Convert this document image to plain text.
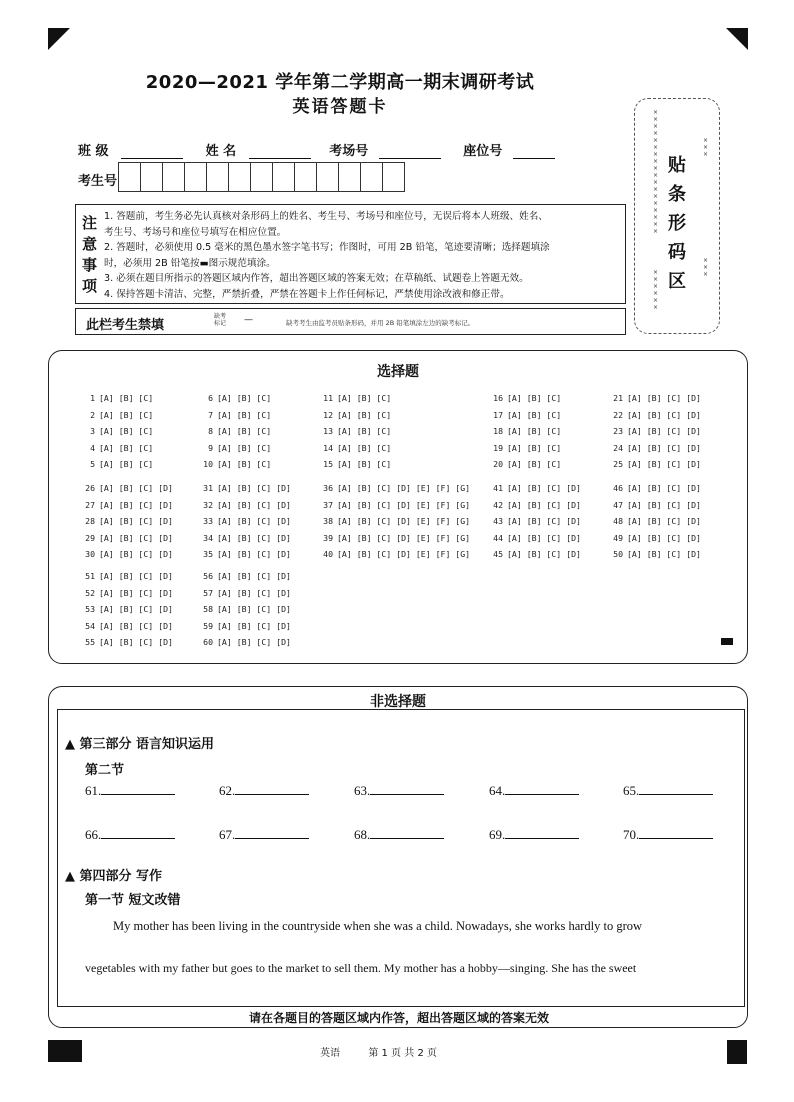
2020—2021 学年第二学期高一期末调研考试
英语答题卡
班 级	姓 名	考场号	座位号
考生号
注意事项
1. 答题前，考生务必先认真核对条形码上的姓名、考生号、考场号和座位号，无误后将本人班级、姓名、
考生号、考场号和座位号填写在相应位置。
2. 答题时，必须使用 0.5 毫米的黑色墨水签字笔书写；作图时，可用 2B 铅笔，笔迹要清晰；选择题填涂
时，必须用 2B 铅笔按▬图示规范填涂。
3. 必须在题目所指示的答题区域内作答，超出答题区域的答案无效；在草稿纸、试题卷上答题无效。
4. 保持答题卡清洁、完整，严禁折叠，严禁在答题卡上作任何标记，严禁使用涂改液和修正带。
此栏考生禁填
缺考
标记 —	缺考考生由监考员贴条形码，并用 2B 铅笔填涂左边的缺考标记。
×
×
×
×
×
×
×
×
×
×
×
×
×
×
×
×
×
×
×
×
×
×
×
×
×
×
×
×
×
×
贴
条
形
码
区
选择题
1 [A] [B] [C]
2 [A] [B] [C]
3 [A] [B] [C]
4 [A] [B] [C]
5 [A] [B] [C]
6 [A] [B] [C]
7 [A] [B] [C]
8 [A] [B] [C]
9 [A] [B] [C]
10 [A] [B] [C]
11 [A] [B] [C]
12 [A] [B] [C]
13 [A] [B] [C]
14 [A] [B] [C]
15 [A] [B] [C]
16 [A] [B] [C]
17 [A] [B] [C]
18 [A] [B] [C]
19 [A] [B] [C]
20 [A] [B] [C]
21 [A] [B] [C] [D]
22 [A] [B] [C] [D]
23 [A] [B] [C] [D]
24 [A] [B] [C] [D]
25 [A] [B] [C] [D]
26 [A] [B] [C] [D]
27 [A] [B] [C] [D]
28 [A] [B] [C] [D]
29 [A] [B] [C] [D]
30 [A] [B] [C] [D]
31 [A] [B] [C] [D]
32 [A] [B] [C] [D]
33 [A] [B] [C] [D]
34 [A] [B] [C] [D]
35 [A] [B] [C] [D]
36 [A] [B] [C] [D] [E] [F] [G]
37 [A] [B] [C] [D] [E] [F] [G]
38 [A] [B] [C] [D] [E] [F] [G]
39 [A] [B] [C] [D] [E] [F] [G]
40 [A] [B] [C] [D] [E] [F] [G]
41 [A] [B] [C] [D]
42 [A] [B] [C] [D]
43 [A] [B] [C] [D]
44 [A] [B] [C] [D]
45 [A] [B] [C] [D]
46 [A] [B] [C] [D]
47 [A] [B] [C] [D]
48 [A] [B] [C] [D]
49 [A] [B] [C] [D]
50 [A] [B] [C] [D]
51 [A] [B] [C] [D]
52 [A] [B] [C] [D]
53 [A] [B] [C] [D]
54 [A] [B] [C] [D]
55 [A] [B] [C] [D]
56 [A] [B] [C] [D]
57 [A] [B] [C] [D]
58 [A] [B] [C] [D]
59 [A] [B] [C] [D]
60 [A] [B] [C] [D]
非选择题
▲ 第三部分 语言知识运用
第二节
61.	62.	63.	64.	65.
66.	67.	68.	69.	70.
▲ 第四部分 写作
第一节 短文改错
My mother has been living in the countryside when she was a child. Nowadays, she works hardly to grow
vegetables with my father but goes to the market to sell them. My mother has a hobby—singing. She has the sweet
请在各题目的答题区域内作答，超出答题区域的答案无效
英语	第 1 页 共 2 页
